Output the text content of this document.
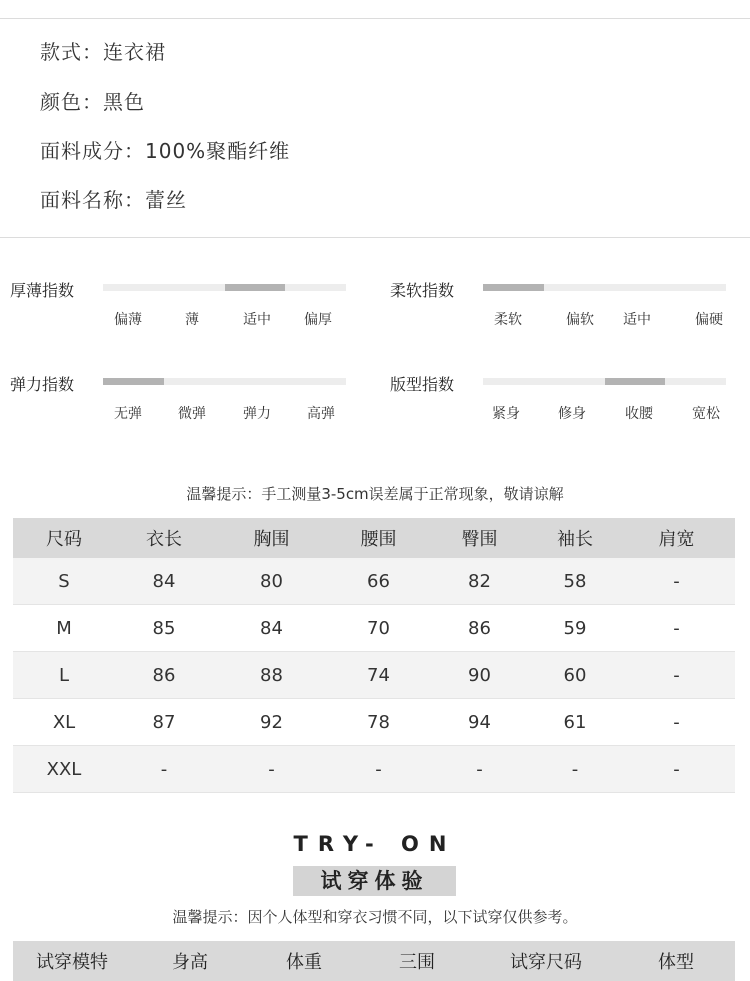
款式：连衣裙
颜色：黑色
面料成分：100%聚酯纤维
面料名称：蕾丝
厚薄指数
偏薄	薄	适中	偏厚
柔软指数
柔软	偏软	适中	偏硬
弹力指数
无弹	微弹	弹力	高弹
版型指数
紧身	修身	收腰	宽松
温馨提示：手工测量3-5cm误差属于正常现象，敬请谅解
尺码	衣长	胸围	腰围	臀围	袖长	肩宽
S	84	80	66	82	58	-
M	85	84	70	86	59	-
L	86	88	74	90	60	-
XL	87	92	78	94	61	-
XXL	-	-	-	-	-	-
TRY- ON
试穿体验
温馨提示：因个人体型和穿衣习惯不同，以下试穿仅供参考。
试穿模特	身高	体重	三围	试穿尺码	体型
